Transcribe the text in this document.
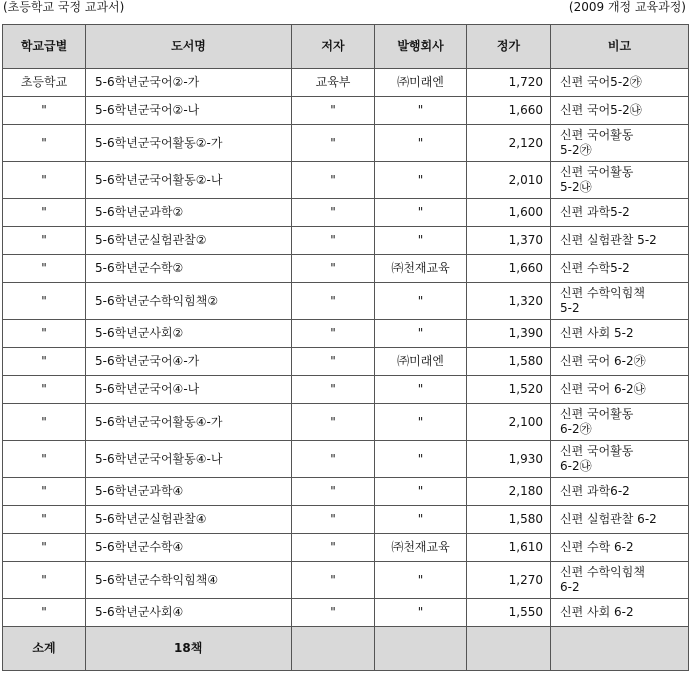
(초등학교 국정 교과서)	(2009 개정 교육과정)
학교급별	도서명	저자	발행회사	정가	비고
초등학교	5-6학년군국어②-가	교육부	㈜미래엔	1,720	신편 국어5-2㉮
"	5-6학년군국어②-나	"	"	1,660	신편 국어5-2㉯
"	5-6학년군국어활동②-가	"	"	2,120	신편 국어활동
5-2㉮
"	5-6학년군국어활동②-나	"	"	2,010	신편 국어활동
5-2㉯
"	5-6학년군과학②	"	"	1,600	신편 과학5-2
"	5-6학년군실험관찰②	"	"	1,370	신편 실험관찰 5-2
"	5-6학년군수학②	"	㈜천재교육	1,660	신편 수학5-2
"	5-6학년군수학익힘책②	"	"	1,320	신편 수학익힘책
5-2
"	5-6학년군사회②	"	"	1,390	신편 사회 5-2
"	5-6학년군국어④-가	"	㈜미래엔	1,580	신편 국어 6-2㉮
"	5-6학년군국어④-나	"	"	1,520	신편 국어 6-2㉯
"	5-6학년군국어활동④-가	"	"	2,100	신편 국어활동
6-2㉮
"	5-6학년군국어활동④-나	"	"	1,930	신편 국어활동
6-2㉯
"	5-6학년군과학④	"	"	2,180	신편 과학6-2
"	5-6학년군실험관찰④	"	"	1,580	신편 실험관찰 6-2
"	5-6학년군수학④	"	㈜천재교육	1,610	신편 수학 6-2
"	5-6학년군수학익힘책④	"	"	1,270	신편 수학익힘책
6-2
"	5-6학년군사회④	"	"	1,550	신편 사회 6-2
소계	18책				
